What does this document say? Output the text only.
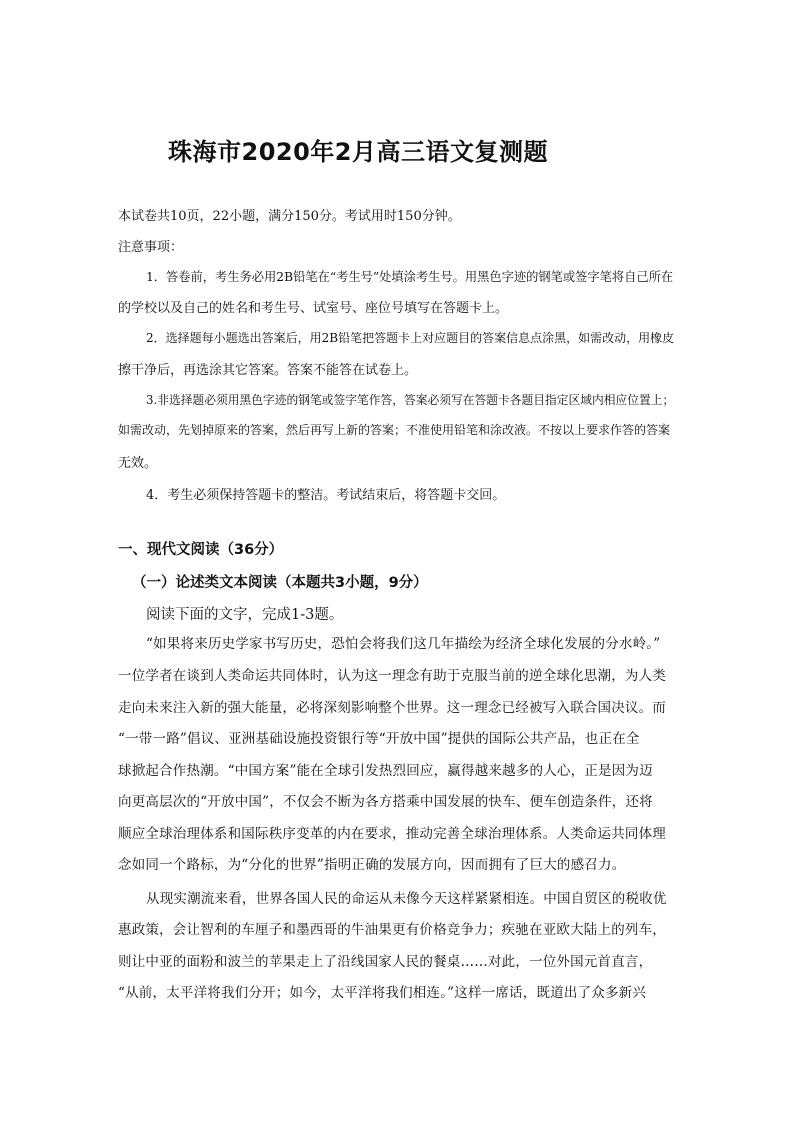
珠海市2020年2月高三语文复测题
本试卷共10页，22小题，满分150分。考试用时150分钟。
注意事项：
1．答卷前，考生务必用2B铅笔在“考生号”处填涂考生号。用黑色字迹的钢笔或签字笔将自己所在
的学校以及自己的姓名和考生号、试室号、座位号填写在答题卡上。
2．选择题每小题选出答案后，用2B铅笔把答题卡上对应题目的答案信息点涂黑，如需改动，用橡皮
擦干净后，再选涂其它答案。答案不能答在试卷上。
3.非选择题必须用黑色字迹的钢笔或签字笔作答，答案必须写在答题卡各题目指定区域内相应位置上；
如需改动，先划掉原来的答案，然后再写上新的答案；不准使用铅笔和涂改液。不按以上要求作答的答案
无效。
4．考生必须保持答题卡的整洁。考试结束后，将答题卡交回。
一、现代文阅读（36分）
（一）论述类文本阅读（本题共3小题，9分）
阅读下面的文字，完成1-3题。
“如果将来历史学家书写历史，恐怕会将我们这几年描绘为经济全球化发展的分水岭。”
一位学者在谈到人类命运共同体时，认为这一理念有助于克服当前的逆全球化思潮，为人类
走向未来注入新的强大能量，必将深刻影响整个世界。这一理念已经被写入联合国决议。而
“一带一路”倡议、亚洲基础设施投资银行等“开放中国”提供的国际公共产品，也正在全
球掀起合作热潮。“中国方案”能在全球引发热烈回应，赢得越来越多的人心，正是因为迈
向更高层次的“开放中国”，不仅会不断为各方搭乘中国发展的快车、便车创造条件，还将
顺应全球治理体系和国际秩序变革的内在要求，推动完善全球治理体系。人类命运共同体理
念如同一个路标，为“分化的世界”指明正确的发展方向，因而拥有了巨大的感召力。
从现实潮流来看，世界各国人民的命运从未像今天这样紧紧相连。中国自贸区的税收优
惠政策，会让智利的车厘子和墨西哥的牛油果更有价格竞争力；疾驰在亚欧大陆上的列车，
则让中亚的面粉和波兰的苹果走上了沿线国家人民的餐桌……对此，一位外国元首直言，
“从前，太平洋将我们分开；如今，太平洋将我们相连。”这样一席话，既道出了众多新兴
